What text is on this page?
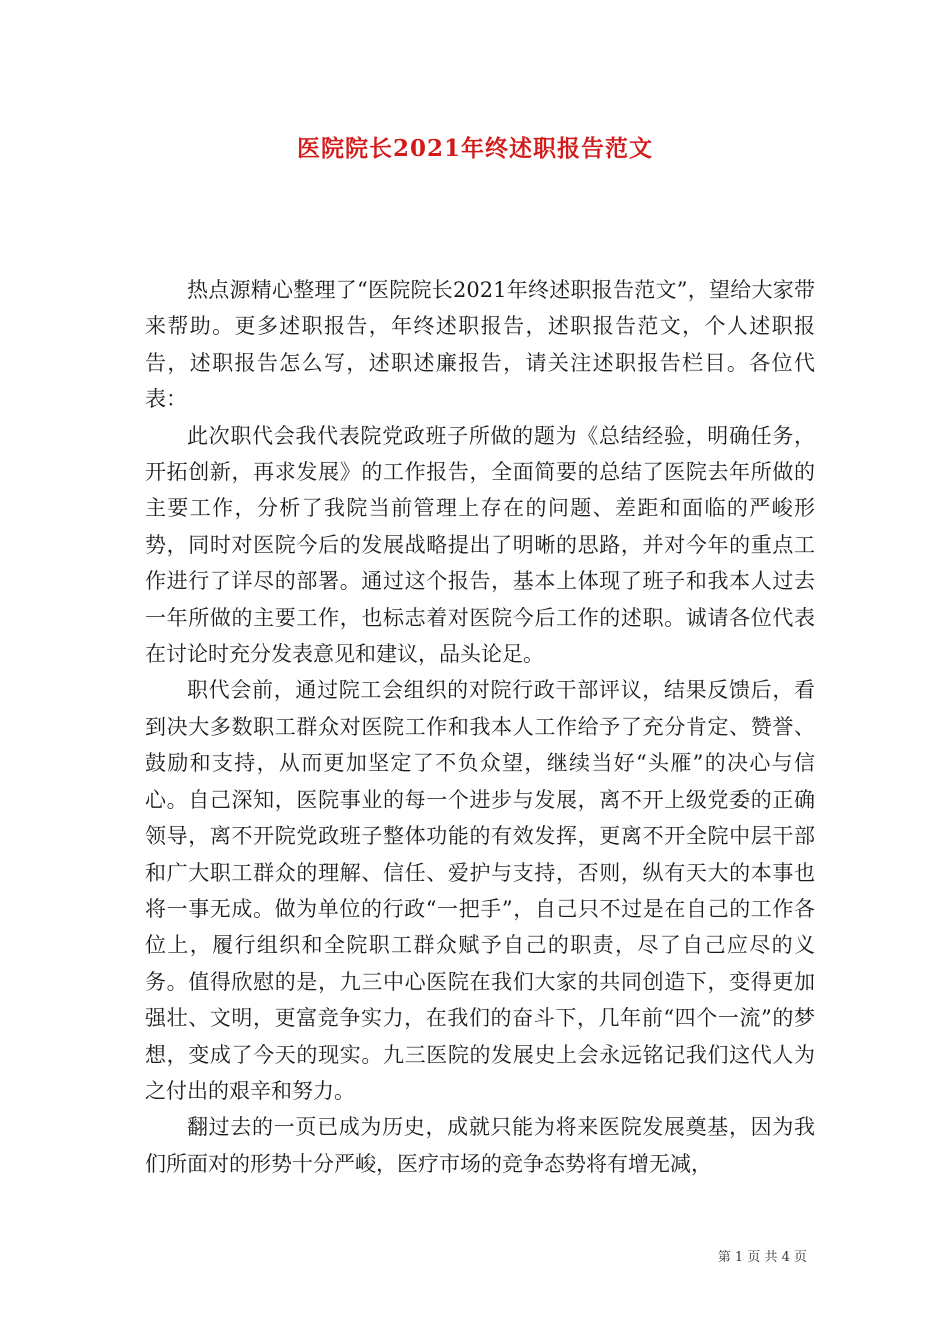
医院院长2021年终述职报告范文

热点源精心整理了“医院院长2021年终述职报告范文”，望给大家带来帮助。更多述职报告，年终述职报告，述职报告范文，个人述职报告，述职报告怎么写，述职述廉报告，请关注述职报告栏目。各位代表：

此次职代会我代表院党政班子所做的题为《总结经验，明确任务，开拓创新，再求发展》的工作报告，全面简要的总结了医院去年所做的主要工作，分析了我院当前管理上存在的问题、差距和面临的严峻形势，同时对医院今后的发展战略提出了明晰的思路，并对今年的重点工作进行了详尽的部署。通过这个报告，基本上体现了班子和我本人过去一年所做的主要工作，也标志着对医院今后工作的述职。诚请各位代表在讨论时充分发表意见和建议，品头论足。

职代会前，通过院工会组织的对院行政干部评议，结果反馈后，看到决大多数职工群众对医院工作和我本人工作给予了充分肯定、赞誉、鼓励和支持，从而更加坚定了不负众望，继续当好“头雁”的决心与信心。自己深知，医院事业的每一个进步与发展，离不开上级党委的正确领导，离不开院党政班子整体功能的有效发挥，更离不开全院中层干部和广大职工群众的理解、信任、爱护与支持，否则，纵有天大的本事也将一事无成。做为单位的行政“一把手”，自己只不过是在自己的工作各位上，履行组织和全院职工群众赋予自己的职责，尽了自己应尽的义务。值得欣慰的是，九三中心医院在我们大家的共同创造下，变得更加强壮、文明，更富竞争实力，在我们的奋斗下，几年前“四个一流”的梦想，变成了今天的现实。九三医院的发展史上会永远铭记我们这代人为之付出的艰辛和努力。

翻过去的一页已成为历史，成就只能为将来医院发展奠基，因为我们所面对的形势十分严峻，医疗市场的竞争态势将有增无减，

第 1 页 共 4 页
